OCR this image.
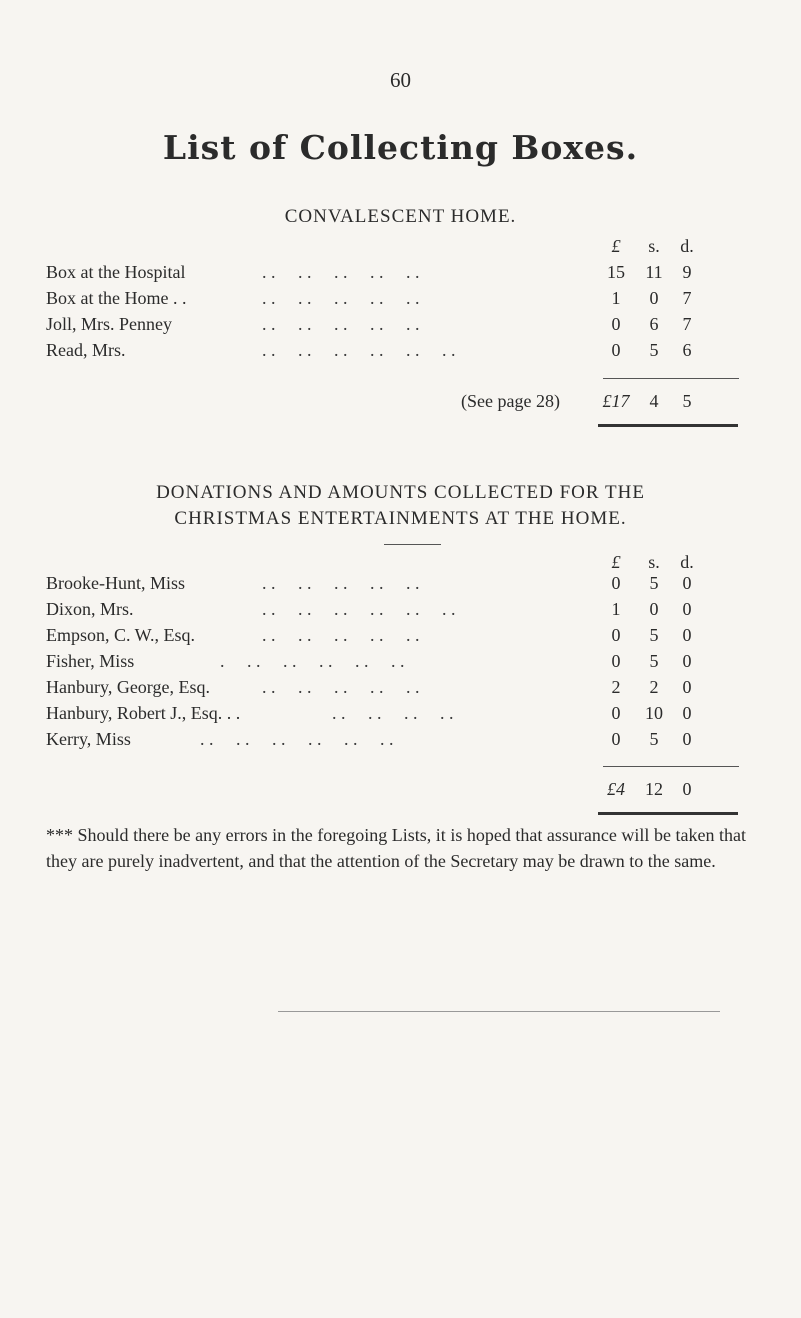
60
List of Collecting Boxes.
CONVALESCENT HOME.
£	s.	d.
Box at the Hospital	. .     . .     . .     . .     . .	15 11	9
Box at the Home . .	. .     . .     . .     . .     . .	1	0	7
Joll, Mrs. Penney	. .     . .     . .     . .     . .	0	6	7
Read, Mrs.	. .     . .     . .     . .     . .     . .	0	5	6
(See page 28) £17	4	5
DONATIONS AND AMOUNTS COLLECTED FOR THE
CHRISTMAS ENTERTAINMENTS AT THE HOME.
£	s.	d.
Brooke-Hunt, Miss	. .     . .     . .     . .     . .	0	5	0
Dixon, Mrs.	. .     . .     . .     . .     . .     . .	1	0	0
Empson, C. W., Esq.	. .     . .     . .     . .     . .	0	5	0
Fisher, Miss	.     . .     . .     . .     . .     . .	0	5	0
Hanbury, George, Esq.	. .     . .     . .     . .     . .	2	2	0
Hanbury, Robert J., Esq. . .	. .     . .     . .     . .	0	10	0
Kerry, Miss	. .     . .     . .     . .     . .     . .	0	5	0
£4	12	0
*** Should there be any errors in the foregoing Lists, it is hoped that assurance will be taken that they are purely inadvertent, and that the attention of the Secretary may be drawn to the same.
